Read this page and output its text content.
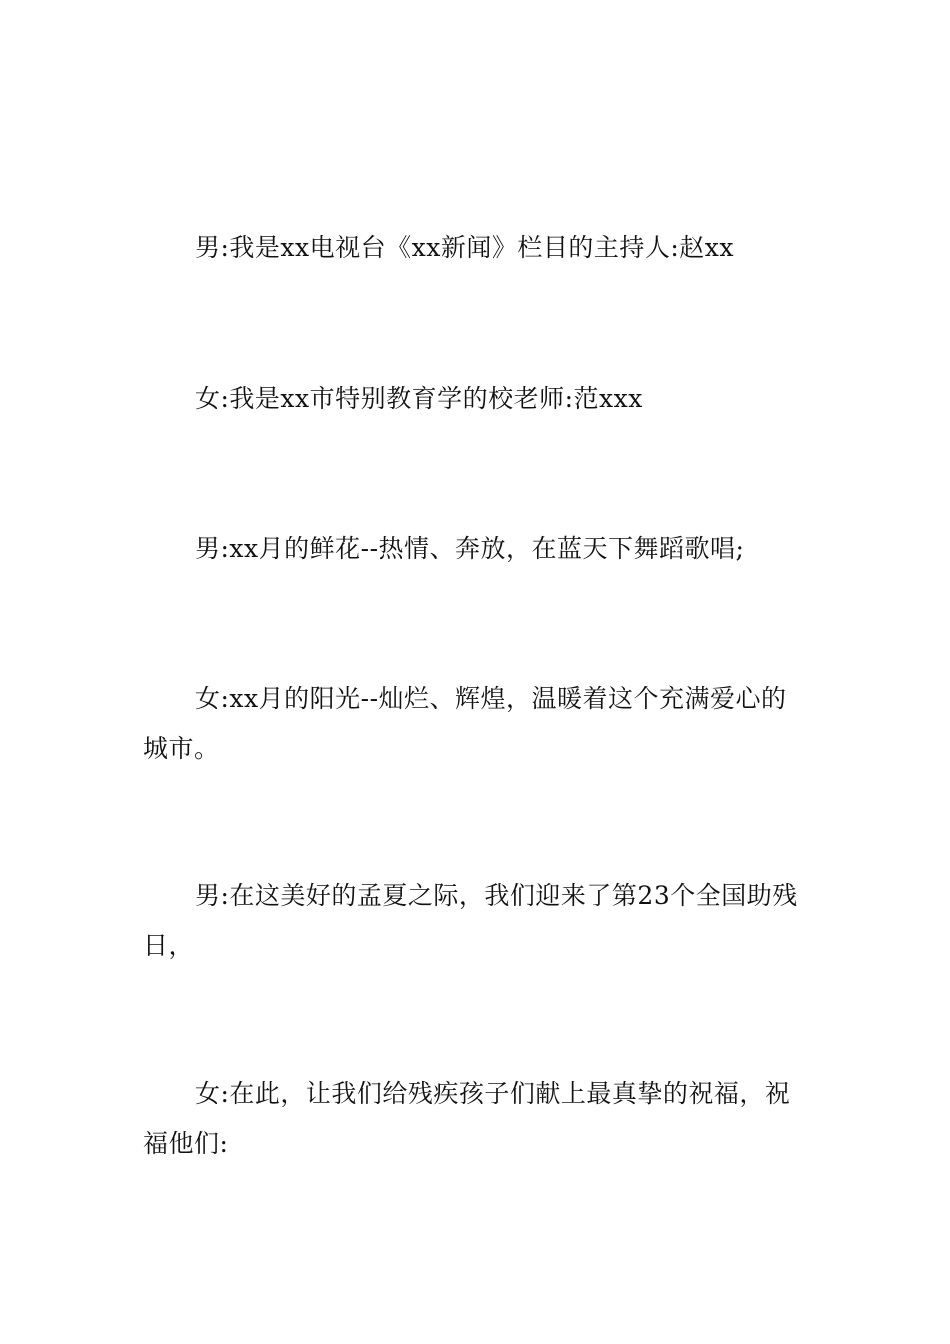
男:我是xx电视台《xx新闻》栏目的主持人:赵xx

女:我是xx市特别教育学的校老师:范xxx

男:xx月的鲜花--热情、奔放，在蓝天下舞蹈歌唱;

女:xx月的阳光--灿烂、辉煌，温暖着这个充满爱心的城市。

男:在这美好的孟夏之际，我们迎来了第23个全国助残日，

女:在此，让我们给残疾孩子们献上最真挚的祝福，祝福他们:
